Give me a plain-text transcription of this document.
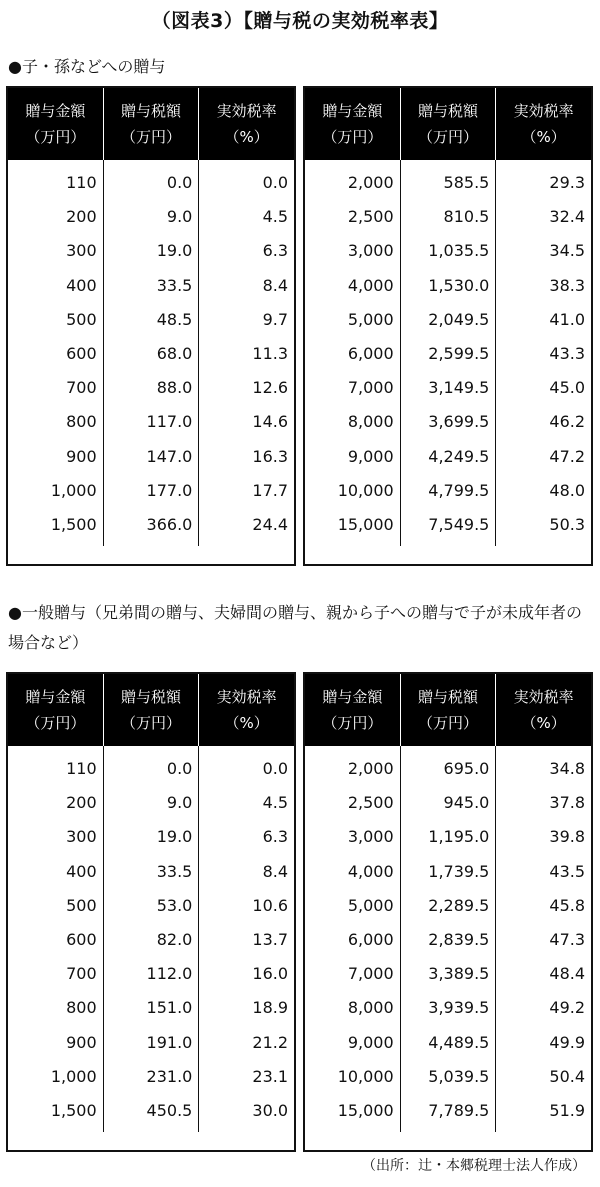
（図表3）【贈与税の実効税率表】
●子・孫などへの贈与
贈与金額
（万円）
贈与税額
（万円）
実効税率
（%）
110
200
300
400
500
600
700
800
900
1,000
1,500
0.0
9.0
19.0
33.5
48.5
68.0
88.0
117.0
147.0
177.0
366.0
0.0
4.5
6.3
8.4
9.7
11.3
12.6
14.6
16.3
17.7
24.4
贈与金額
（万円）
贈与税額
（万円）
実効税率
（%）
2,000
2,500
3,000
4,000
5,000
6,000
7,000
8,000
9,000
10,000
15,000
585.5
810.5
1,035.5
1,530.0
2,049.5
2,599.5
3,149.5
3,699.5
4,249.5
4,799.5
7,549.5
29.3
32.4
34.5
38.3
41.0
43.3
45.0
46.2
47.2
48.0
50.3
●一般贈与（兄弟間の贈与、夫婦間の贈与、親から子への贈与で子が未成年者の場合など）
贈与金額
（万円）
贈与税額
（万円）
実効税率
（%）
110
200
300
400
500
600
700
800
900
1,000
1,500
0.0
9.0
19.0
33.5
53.0
82.0
112.0
151.0
191.0
231.0
450.5
0.0
4.5
6.3
8.4
10.6
13.7
16.0
18.9
21.2
23.1
30.0
贈与金額
（万円）
贈与税額
（万円）
実効税率
（%）
2,000
2,500
3,000
4,000
5,000
6,000
7,000
8,000
9,000
10,000
15,000
695.0
945.0
1,195.0
1,739.5
2,289.5
2,839.5
3,389.5
3,939.5
4,489.5
5,039.5
7,789.5
34.8
37.8
39.8
43.5
45.8
47.3
48.4
49.2
49.9
50.4
51.9
（出所：辻・本郷税理士法人作成）
